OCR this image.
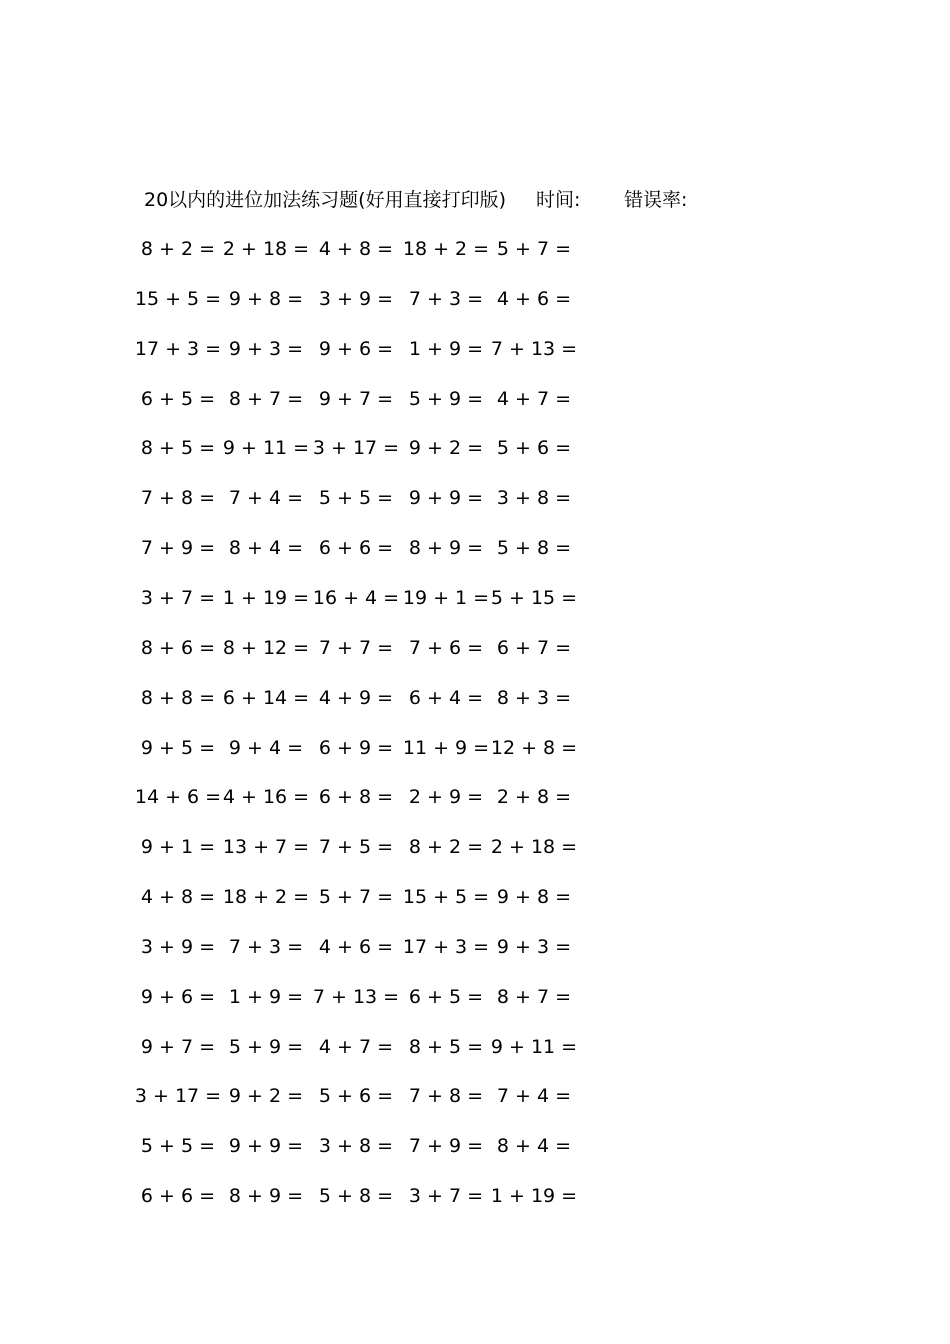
20以内的进位加法练习题(好用直接打印版) 时间: 错误率:
8 + 2 = 2 + 18 = 4 + 8 = 18 + 2 = 5 + 7 =
15 + 5 = 9 + 8 = 3 + 9 = 7 + 3 = 4 + 6 =
17 + 3 = 9 + 3 = 9 + 6 = 1 + 9 = 7 + 13 =
6 + 5 = 8 + 7 = 9 + 7 = 5 + 9 = 4 + 7 =
8 + 5 = 9 + 11 = 3 + 17 = 9 + 2 = 5 + 6 =
7 + 8 = 7 + 4 = 5 + 5 = 9 + 9 = 3 + 8 =
7 + 9 = 8 + 4 = 6 + 6 = 8 + 9 = 5 + 8 =
3 + 7 = 1 + 19 = 16 + 4 = 19 + 1 = 5 + 15 =
8 + 6 = 8 + 12 = 7 + 7 = 7 + 6 = 6 + 7 =
8 + 8 = 6 + 14 = 4 + 9 = 6 + 4 = 8 + 3 =
9 + 5 = 9 + 4 = 6 + 9 = 11 + 9 = 12 + 8 =
14 + 6 = 4 + 16 = 6 + 8 = 2 + 9 = 2 + 8 =
9 + 1 = 13 + 7 = 7 + 5 = 8 + 2 = 2 + 18 =
4 + 8 = 18 + 2 = 5 + 7 = 15 + 5 = 9 + 8 =
3 + 9 = 7 + 3 = 4 + 6 = 17 + 3 = 9 + 3 =
9 + 6 = 1 + 9 = 7 + 13 = 6 + 5 = 8 + 7 =
9 + 7 = 5 + 9 = 4 + 7 = 8 + 5 = 9 + 11 =
3 + 17 = 9 + 2 = 5 + 6 = 7 + 8 = 7 + 4 =
5 + 5 = 9 + 9 = 3 + 8 = 7 + 9 = 8 + 4 =
6 + 6 = 8 + 9 = 5 + 8 = 3 + 7 = 1 + 19 =
